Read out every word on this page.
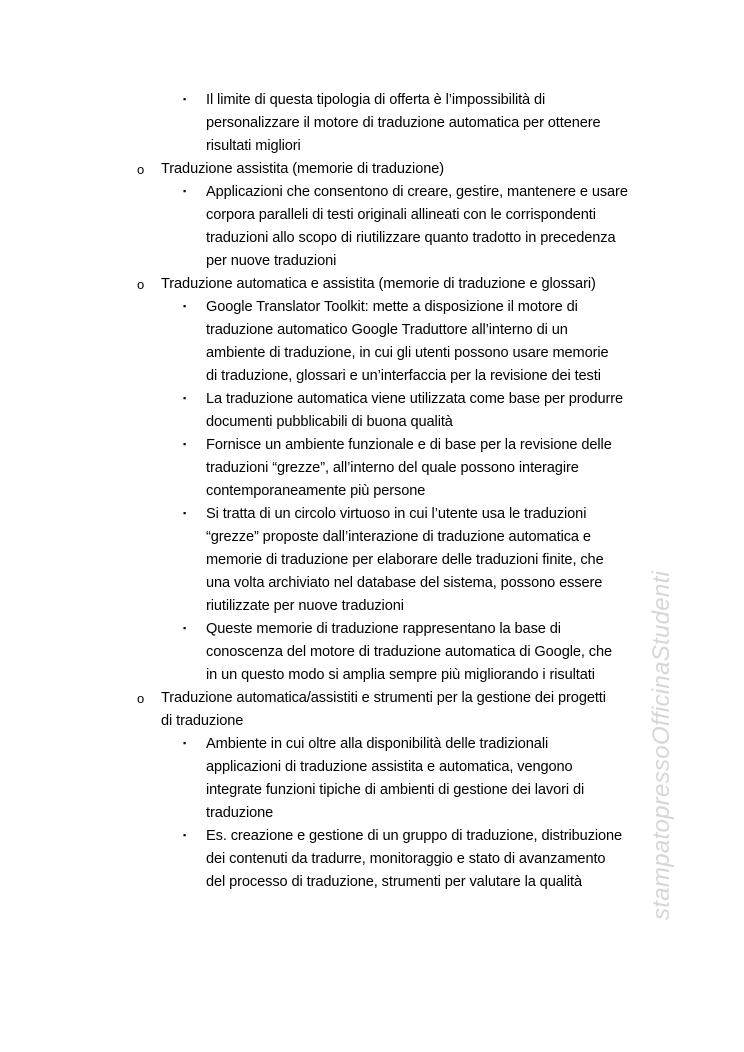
▪ Il limite di questa tipologia di offerta è l’impossibilità di
personalizzare il motore di traduzione automatica per ottenere
risultati migliori
o Traduzione assistita (memorie di traduzione)
▪ Applicazioni che consentono di creare, gestire, mantenere e usare
corpora paralleli di testi originali allineati con le corrispondenti
traduzioni allo scopo di riutilizzare quanto tradotto in precedenza
per nuove traduzioni
o Traduzione automatica e assistita (memorie di traduzione e glossari)
▪ Google Translator Toolkit: mette a disposizione il motore di
traduzione automatico Google Traduttore all’interno di un
ambiente di traduzione, in cui gli utenti possono usare memorie
di traduzione, glossari e un’interfaccia per la revisione dei testi
▪ La traduzione automatica viene utilizzata come base per produrre
documenti pubblicabili di buona qualità
▪ Fornisce un ambiente funzionale e di base per la revisione delle
traduzioni “grezze”, all’interno del quale possono interagire
contemporaneamente più persone
▪ Si tratta di un circolo virtuoso in cui l’utente usa le traduzioni
“grezze” proposte dall’interazione di traduzione automatica e
memorie di traduzione per elaborare delle traduzioni finite, che
una volta archiviato nel database del sistema, possono essere
riutilizzate per nuove traduzioni
▪ Queste memorie di traduzione rappresentano la base di
conoscenza del motore di traduzione automatica di Google, che
in un questo modo si amplia sempre più migliorando i risultati
o Traduzione automatica/assistiti e strumenti per la gestione dei progetti
di traduzione
▪ Ambiente in cui oltre alla disponibilità delle tradizionali
applicazioni di traduzione assistita e automatica, vengono
integrate funzioni tipiche di ambienti di gestione dei lavori di
traduzione
▪ Es. creazione e gestione di un gruppo di traduzione, distribuzione
dei contenuti da tradurre, monitoraggio e stato di avanzamento
del processo di traduzione, strumenti per valutare la qualità	stampatopressoOfficinaStudenti
